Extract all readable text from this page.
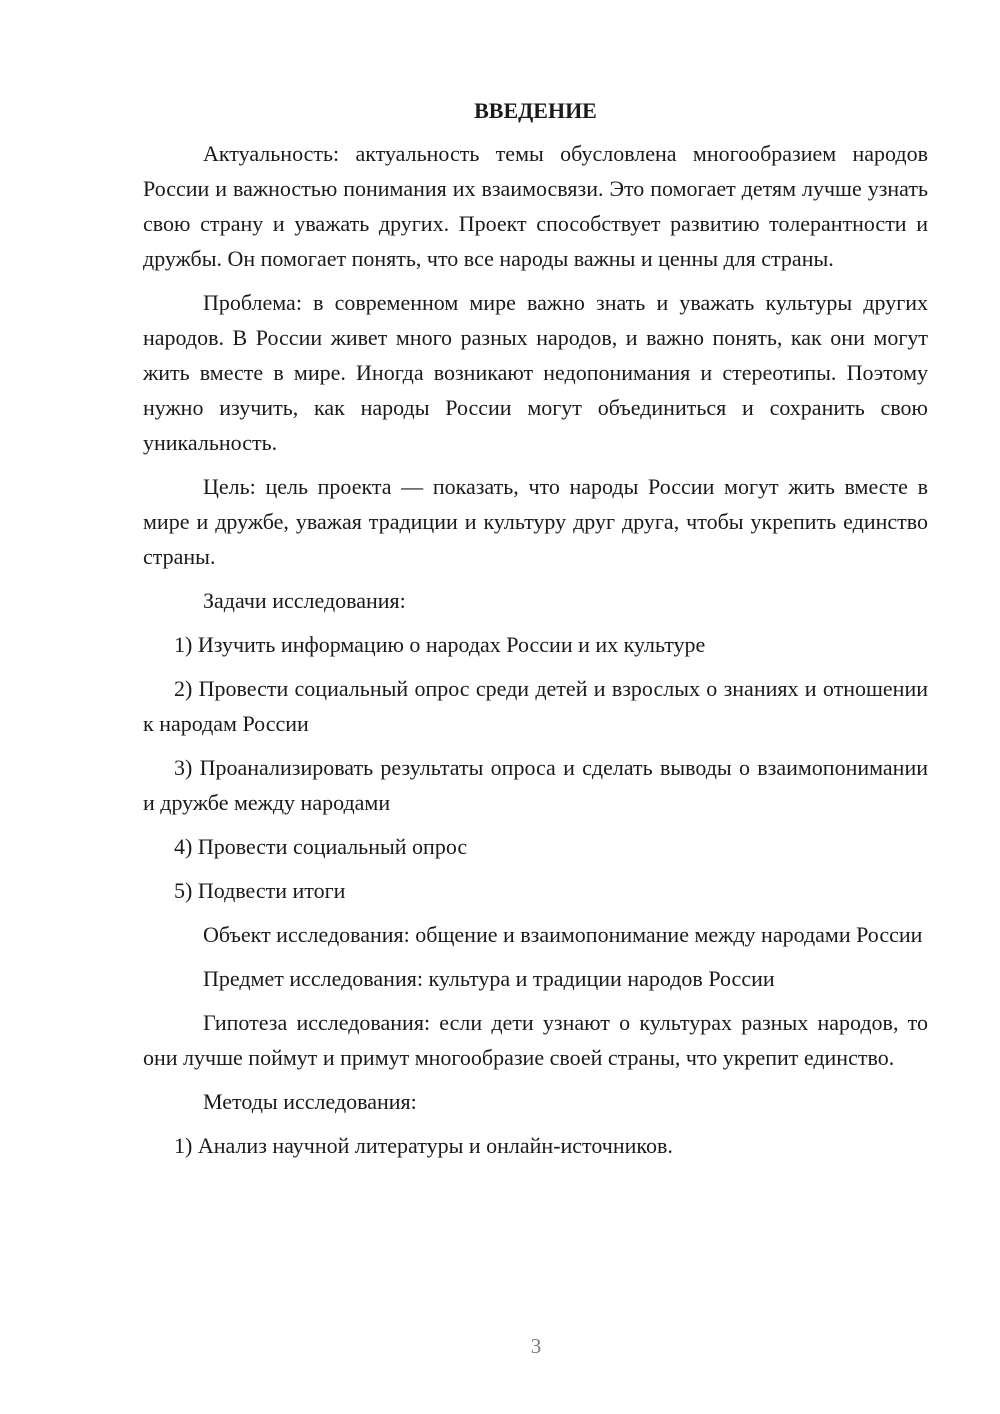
ВВЕДЕНИЕ
Актуальность: актуальность темы обусловлена многообразием народов России и важностью понимания их взаимосвязи. Это помогает детям лучше узнать свою страну и уважать других. Проект способствует развитию толерантности и дружбы. Он помогает понять, что все народы важны и ценны для страны.
Проблема: в современном мире важно знать и уважать культуры других народов. В России живет много разных народов, и важно понять, как они могут жить вместе в мире. Иногда возникают недопонимания и стереотипы. Поэтому нужно изучить, как народы России могут объединиться и сохранить свою уникальность.
Цель: цель проекта — показать, что народы России могут жить вместе в мире и дружбе, уважая традиции и культуру друг друга, чтобы укрепить единство страны.
Задачи исследования:
1) Изучить информацию о народах России и их культуре
2) Провести социальный опрос среди детей и взрослых о знаниях и отношении к народам России
3) Проанализировать результаты опроса и сделать выводы о взаимопонимании и дружбе между народами
4) Провести социальный опрос
5) Подвести итоги
Объект исследования: общение и взаимопонимание между народами России
Предмет исследования: культура и традиции народов России
Гипотеза исследования: если дети узнают о культурах разных народов, то они лучше поймут и примут многообразие своей страны, что укрепит единство.
Методы исследования:
1) Анализ научной литературы и онлайн-источников.
3
